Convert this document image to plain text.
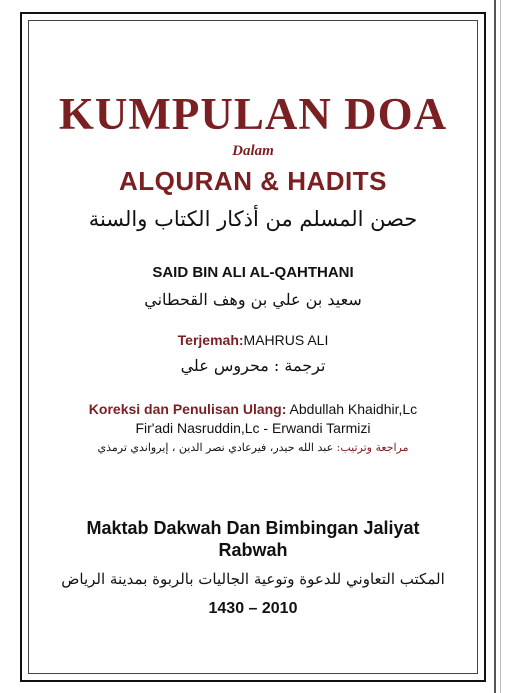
KUMPULAN DOA
Dalam
ALQURAN & HADITS
حصن المسلم من أذكار الكتاب والسنة
SAID BIN ALI AL-QAHTHANI
سعيد بن علي بن وهف القحطاني
Terjemah:MAHRUS ALI
ترجمة : محروس علي
Koreksi dan Penulisan Ulang: Abdullah Khaidhir,Lc
Fir'adi Nasruddin,Lc - Erwandi Tarmizi
مراجعة وترتيب: عبد الله حيدر، فيرعادي نصر الدين ، إيرواندي ترمذي
Maktab Dakwah Dan Bimbingan Jaliyat
Rabwah
المكتب التعاوني للدعوة وتوعية الجاليات بالربوة بمدينة الرياض
1430 – 2010
